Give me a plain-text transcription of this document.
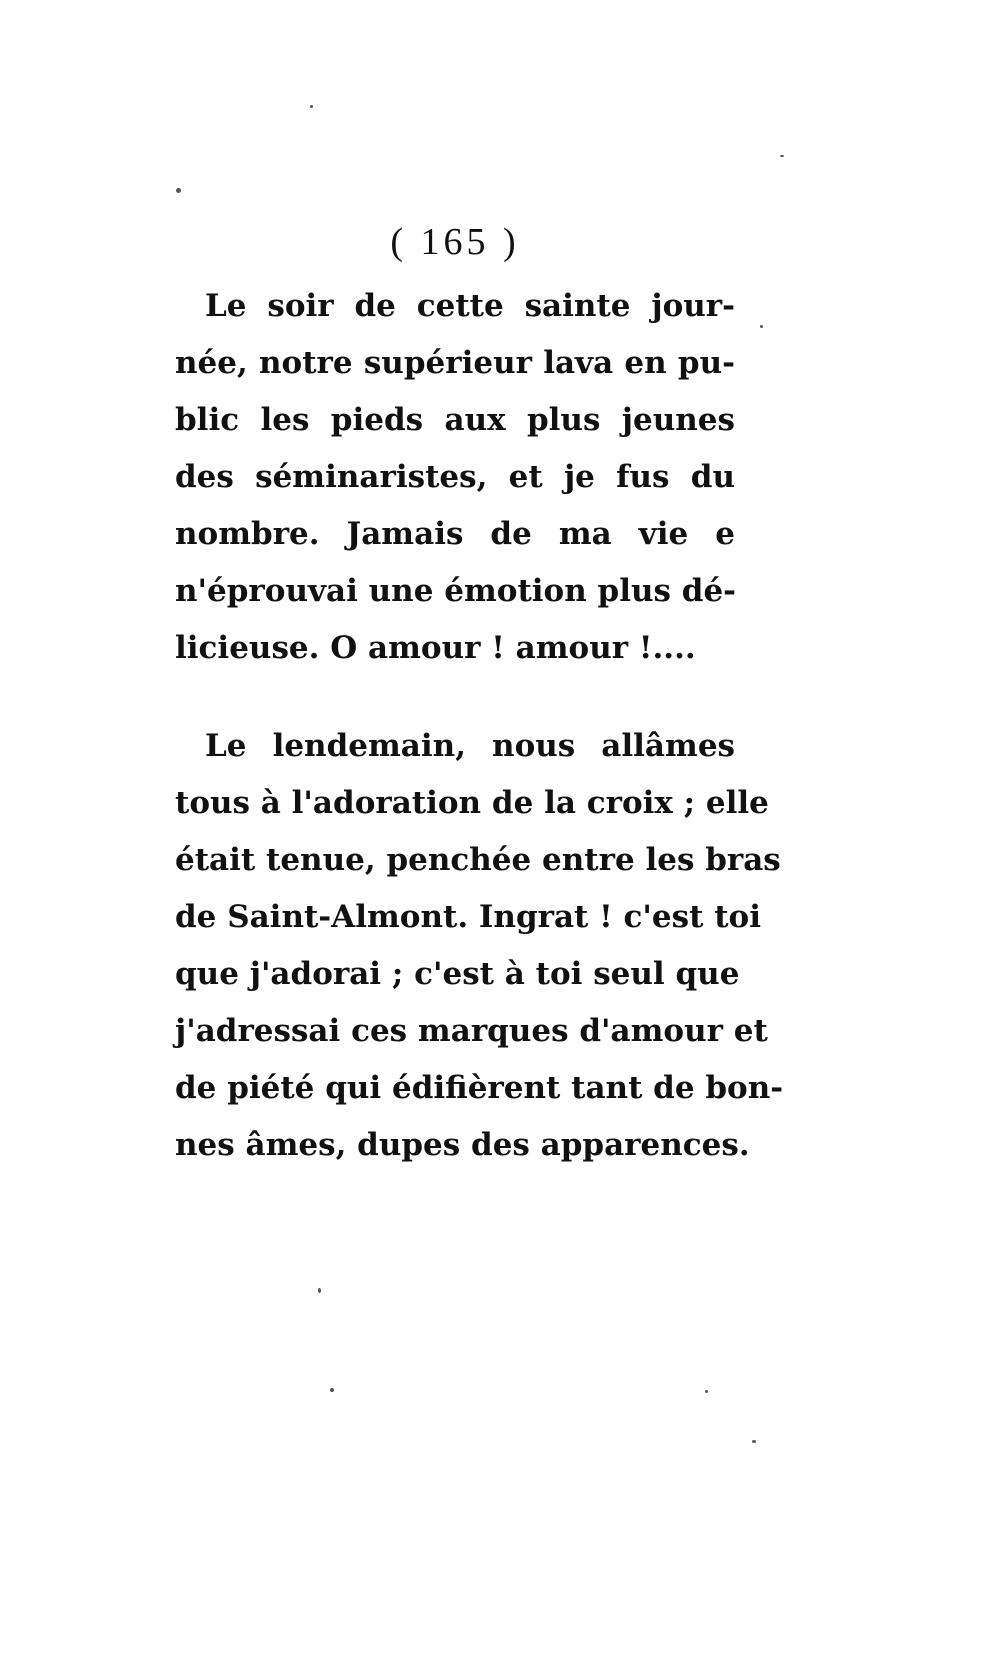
( 165 )

Le soir de cette sainte jour-
née, notre supérieur lava en pu-
blic les pieds aux plus jeunes
des séminaristes, et je fus du
nombre. Jamais de ma vie e
n'éprouvai une émotion plus dé-
licieuse. O amour ! amour !....

Le lendemain, nous allâmes
tous à l'adoration de la croix ; elle
était tenue, penchée entre les bras
de Saint-Almont. Ingrat ! c'est toi
que j'adorai ; c'est à toi seul que
j'adressai ces marques d'amour et
de piété qui édifièrent tant de bon-
nes âmes, dupes des apparences.
